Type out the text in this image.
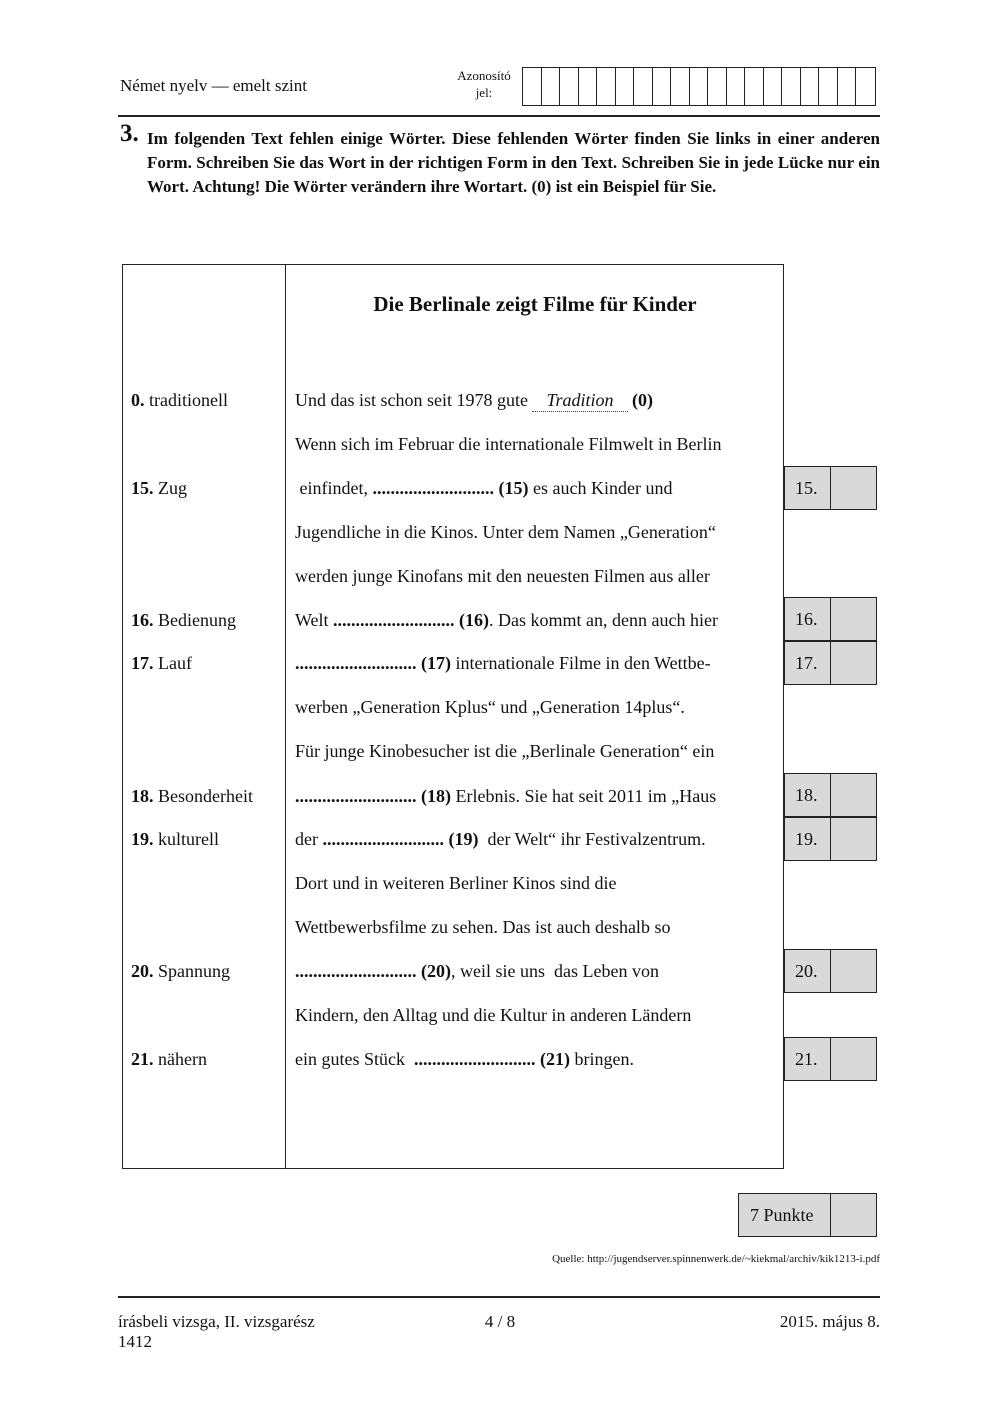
Német nyelv — emelt szint
Azonosító
jel:
3. Im folgenden Text fehlen einige Wörter. Diese fehlenden Wörter finden Sie links in einer anderen Form. Schreiben Sie das Wort in der richtigen Form in den Text. Schreiben Sie in jede Lücke nur ein Wort. Achtung! Die Wörter verändern ihre Wortart. (0) ist ein Beispiel für Sie.
Die Berlinale zeigt Filme für Kinder
0. traditionell
15. Zug
16. Bedienung
17. Lauf
18. Besonderheit
19. kulturell
20. Spannung
21. nähern
Und das ist schon seit 1978 gute Tradition (0)
Wenn sich im Februar die internationale Filmwelt in Berlin
einfindet, ........................... (15) es auch Kinder und
Jugendliche in die Kinos. Unter dem Namen „Generation“
werden junge Kinofans mit den neuesten Filmen aus aller
Welt ........................... (16). Das kommt an, denn auch hier
........................... (17) internationale Filme in den Wettbe-
werben „Generation Kplus“ und „Generation 14plus“.
Für junge Kinobesucher ist die „Berlinale Generation“ ein
........................... (18) Erlebnis. Sie hat seit 2011 im „Haus
der ........................... (19)  der Welt“ ihr Festivalzentrum.
Dort und in weiteren Berliner Kinos sind die
Wettbewerbsfilme zu sehen. Das ist auch deshalb so
........................... (20), weil sie uns  das Leben von
Kindern, den Alltag und die Kultur in anderen Ländern
ein gutes Stück  ........................... (21) bringen.
15.
16.
17.
18.
19.
20.
21.
7 Punkte
Quelle: http://jugendserver.spinnenwerk.de/~kiekmal/archiv/kik1213-i.pdf
írásbeli vizsga, II. vizsgarész
1412
4 / 8	2015. május 8.
